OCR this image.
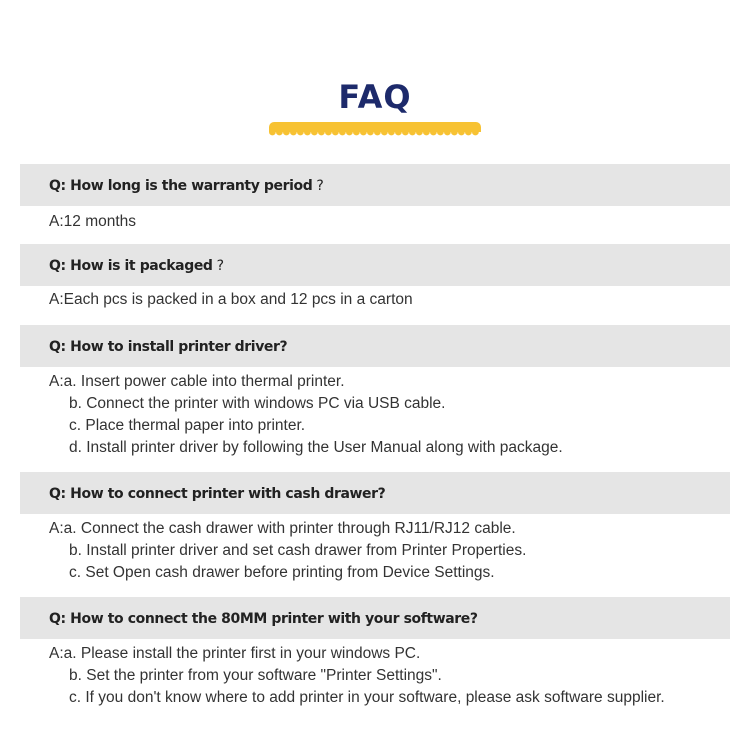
FAQ
Q: How long is the warranty period ?
A:12 months
Q: How is it packaged ?
A:Each pcs is packed in a box and 12 pcs in a carton
Q: How to install printer driver?
A:a. Insert power cable into thermal printer.
b. Connect the printer with windows PC via USB cable.
c. Place thermal paper into printer.
d. Install printer driver by following the User Manual along with package.
Q: How to connect printer with cash drawer?
A:a. Connect the cash drawer with printer through RJ11/RJ12 cable.
b. Install printer driver and set cash drawer from Printer Properties.
c. Set Open cash drawer before printing from Device Settings.
Q: How to connect the 80MM printer with your software?
A:a. Please install the printer first in your windows PC.
b. Set the printer from your software "Printer Settings".
c. If you don't know where to add printer in your software, please ask software supplier.
